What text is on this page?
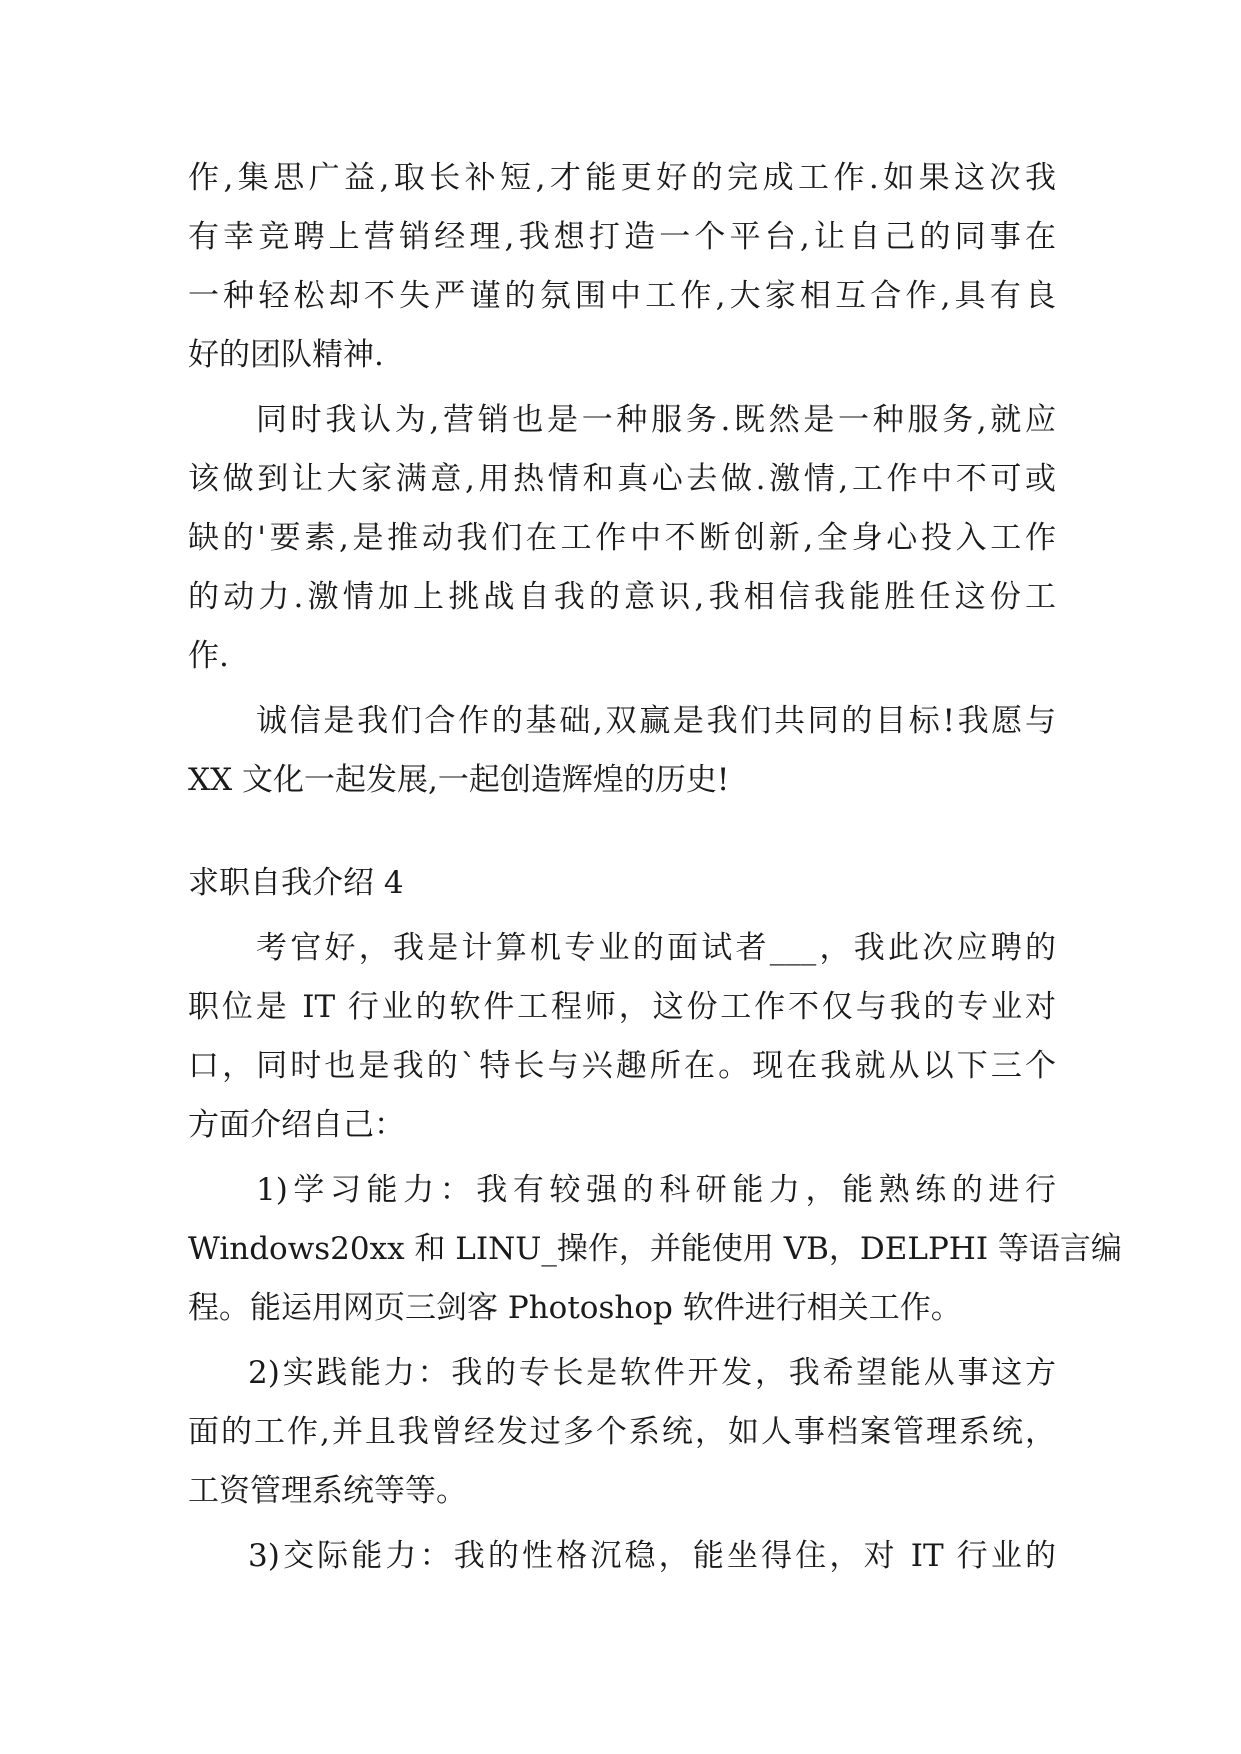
作,集思广益,取长补短,才能更好的完成工作.如果这次我
有幸竞聘上营销经理,我想打造一个平台,让自己的同事在
一种轻松却不失严谨的氛围中工作,大家相互合作,具有良
好的团队精神.
同时我认为,营销也是一种服务.既然是一种服务,就应
该做到让大家满意,用热情和真心去做.激情,工作中不可或
缺的'要素,是推动我们在工作中不断创新,全身心投入工作
的动力.激情加上挑战自我的意识,我相信我能胜任这份工
作.
诚信是我们合作的基础,双赢是我们共同的目标!我愿与
XX 文化一起发展,一起创造辉煌的历史!
求职自我介绍 4
考官好，我是计算机专业的面试者___，我此次应聘的
职位是 IT 行业的软件工程师，这份工作不仅与我的专业对
口，同时也是我的`特长与兴趣所在。现在我就从以下三个
方面介绍自己：
1)学习能力：我有较强的科研能力，能熟练的进行
Windows20xx 和 LINU_操作，并能使用 VB，DELPHI 等语言编
程。能运用网页三剑客 Photoshop 软件进行相关工作。
2)实践能力：我的专长是软件开发，我希望能从事这方
面的工作,并且我曾经发过多个系统，如人事档案管理系统，
工资管理系统等等。
3)交际能力：我的性格沉稳，能坐得住，对 IT 行业的
